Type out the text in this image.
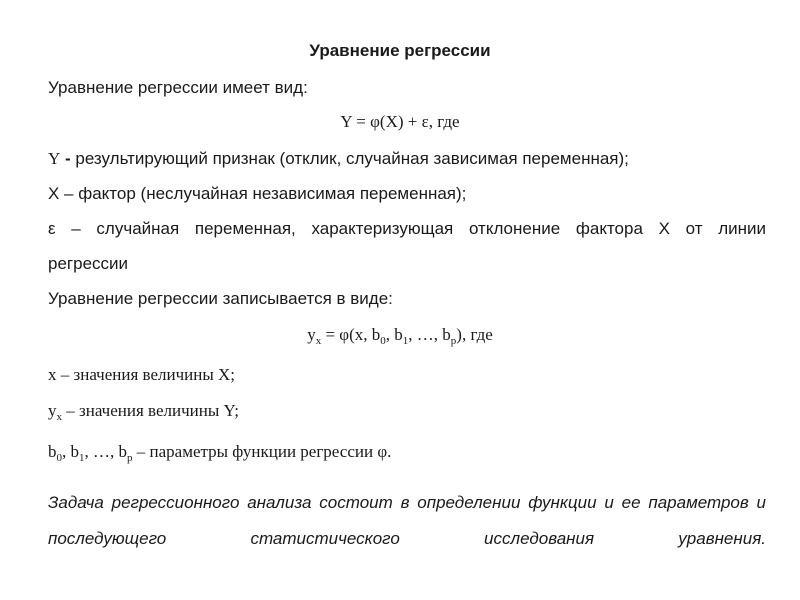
Уравнение регрессии
Уравнение регрессии имеет вид:
Y = φ(X) + ε, где
Y - результирующий признак (отклик, случайная зависимая переменная);
X – фактор (неслучайная независимая переменная);
ε – случайная переменная, характеризующая отклонение фактора X от линии
регрессии
Уравнение регрессии записывается в виде:
$y_x = \varphi(x$, $b_0$, $b_1$, …, $b_p$), где
x – значения величины X;
$y_x$ – значения величины Y;
$b_0$, $b_1$, …, $b_p$ – параметры функции регрессии φ.
Задача регрессионного анализа состоит в определении функции и ее параметров и последующего статистического исследования уравнения.
